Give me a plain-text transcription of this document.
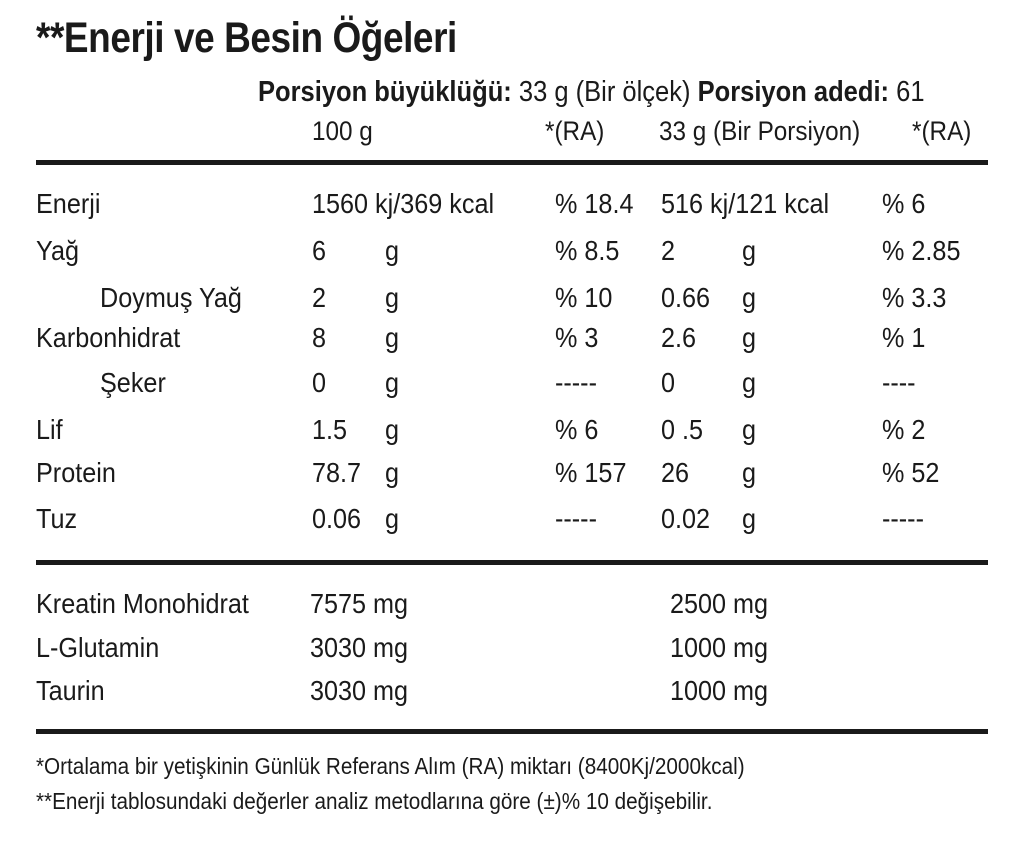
**Enerji ve Besin Öğeleri
Porsiyon büyüklüğü: 33 g (Bir ölçek) Porsiyon adedi: 61
100 g	*(RA) 33 g (Bir Porsiyon) *(RA)
Enerji	1560 kj/369 kcal % 18.4 516 kj/121 kcal % 6
Yağ	6 g	% 8.5 2 g	% 2.85
Doymuş Yağ	2 g	% 10 0.66 g	% 3.3
Karbonhidrat	8 g	% 3 2.6 g	% 1
Şeker	0 g	----- 0 g	----
Lif	1.5 g	% 6 0 .5 g	% 2
Protein	78.7 g	% 157 26 g	% 52
Tuz	0.06 g	----- 0.02 g	-----
Kreatin Monohidrat 7575 mg	2500 mg
L-Glutamin	3030 mg	1000 mg
Taurin	3030 mg	1000 mg
*Ortalama bir yetişkinin Günlük Referans Alım (RA) miktarı (8400Kj/2000kcal)
**Enerji tablosundaki değerler analiz metodlarına göre (±)% 10 değişebilir.
